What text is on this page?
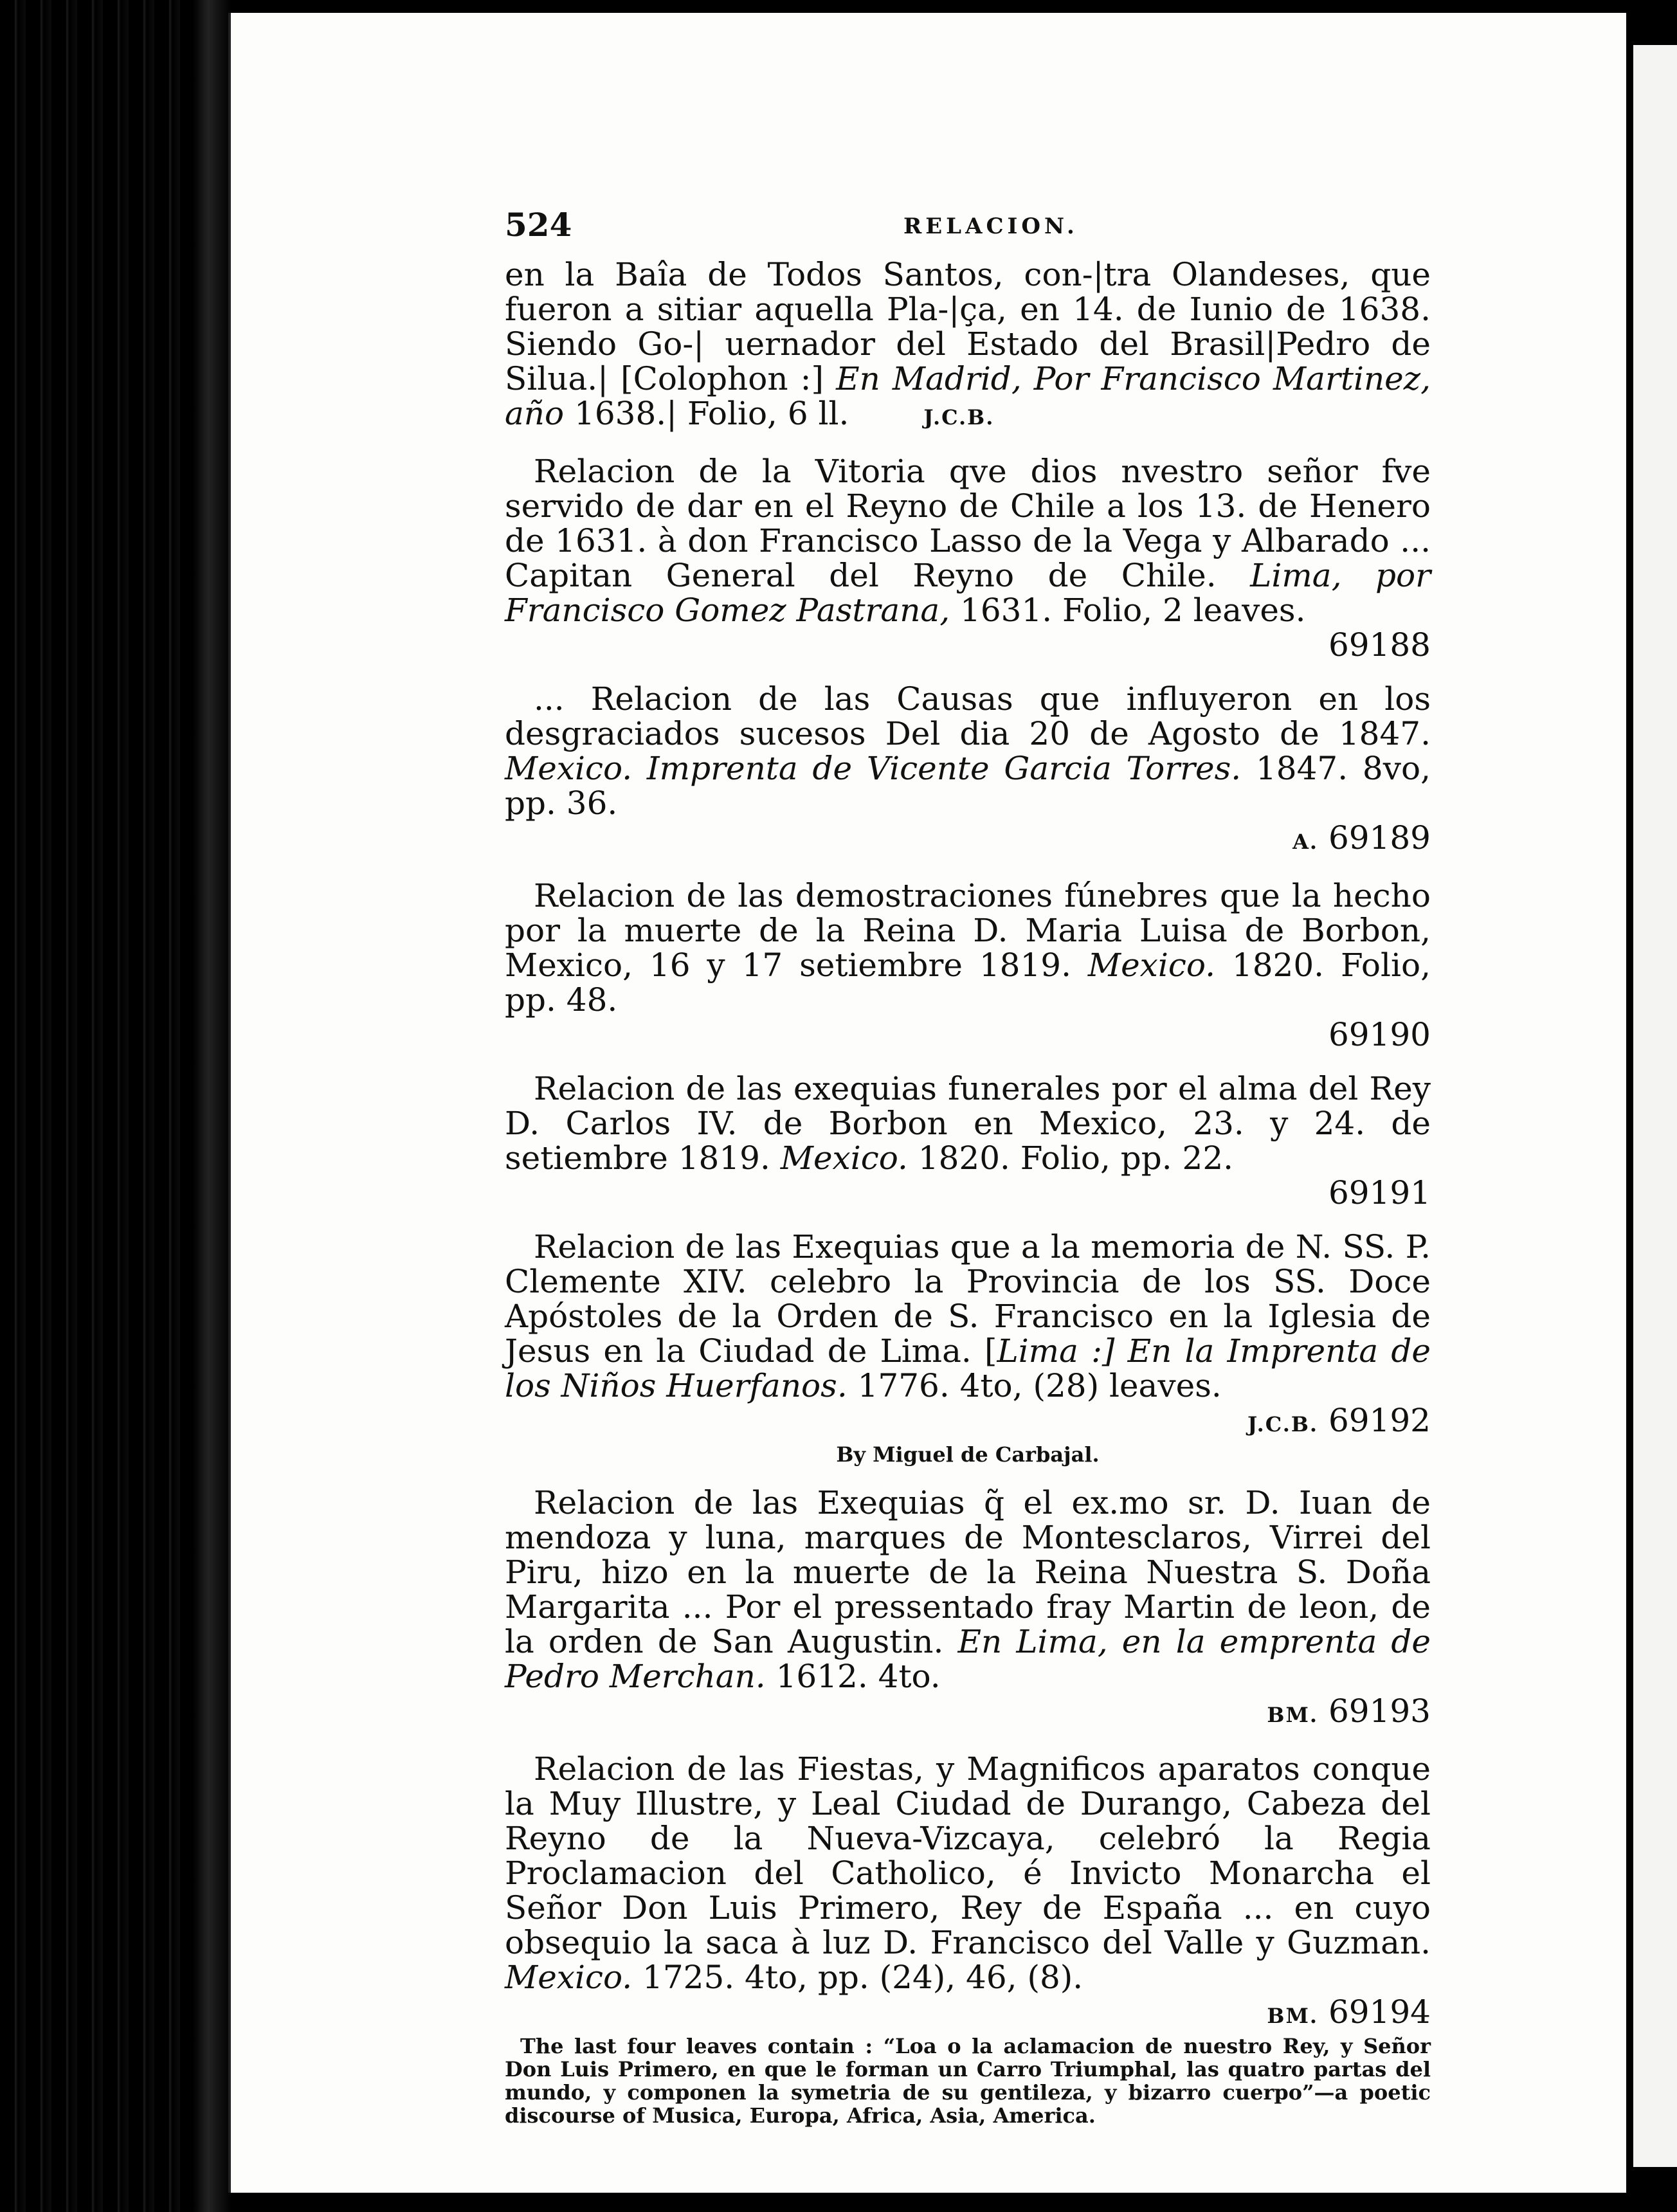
524	RELACION.

en la Baîa de Todos Santos, con-|tra Olandeses, que fueron a sitiar aquella Pla-|ça, en 14. de Iunio de 1638. Siendo Go-| uernador del Estado del Brasil|Pedro de Silua.| [Colophon :] En Madrid, Por Francisco Martinez, año 1638.| Folio, 6 ll.   	J.C.B.

Relacion de la Vitoria qve dios nvestro señor fve servido de dar en el Reyno de Chile a los 13. de Henero de 1631. à don Francisco Lasso de la Vega y Albarado ... Capitan General del Reyno de Chile. Lima, por Francisco Gomez Pastrana, 1631. Folio, 2 leaves.

69188

... Relacion de las Causas que influyeron en los desgraciados sucesos Del dia 20 de Agosto de 1847. Mexico. Imprenta de Vicente Garcia Torres. 1847. 8vo, pp. 36.

A. 69189

Relacion de las demostraciones fúnebres que la hecho por la muerte de la Reina D. Maria Luisa de Borbon, Mexico, 16 y 17 setiembre 1819. Mexico. 1820. Folio, pp. 48.

69190

Relacion de las exequias funerales por el alma del Rey D. Carlos IV. de Borbon en Mexico, 23. y 24. de setiembre 1819. Mexico. 1820. Folio, pp. 22.

69191

Relacion de las Exequias que a la memoria de N. SS. P. Clemente XIV. celebro la Provincia de los SS. Doce Apóstoles de la Orden de S. Francisco en la Iglesia de Jesus en la Ciudad de Lima. [Lima :] En la Imprenta de los Niños Huerfanos. 1776. 4to, (28) leaves.

J.C.B. 69192
By Miguel de Carbajal.

Relacion de las Exequias q̃ el ex.mo sr. D. Iuan de mendoza y luna, marques de Montesclaros, Virrei del Piru, hizo en la muerte de la Reina Nuestra S. Doña Margarita ... Por el pressentado fray Martin de leon, de la orden de San Augustin. En Lima, en la emprenta de Pedro Merchan. 1612. 4to.

BM. 69193

Relacion de las Fiestas, y Magnificos aparatos conque la Muy Illustre, y Leal Ciudad de Durango, Cabeza del Reyno de la Nueva-Vizcaya, celebró la Regia Proclamacion del Catholico, é Invicto Monarcha el Señor Don Luis Primero, Rey de España ... en cuyo obsequio la saca à luz D. Francisco del Valle y Guzman. Mexico. 1725. 4to, pp. (24), 46, (8).

BM. 69194
The last four leaves contain : “Loa o la aclamacion de nuestro Rey, y Señor Don Luis Primero, en que le forman un Carro Triumphal, las quatro partas del mundo, y componen la symetria de su gentileza, y bizarro cuerpo”—a poetic discourse of Musica, Europa, Africa, Asia, America.
